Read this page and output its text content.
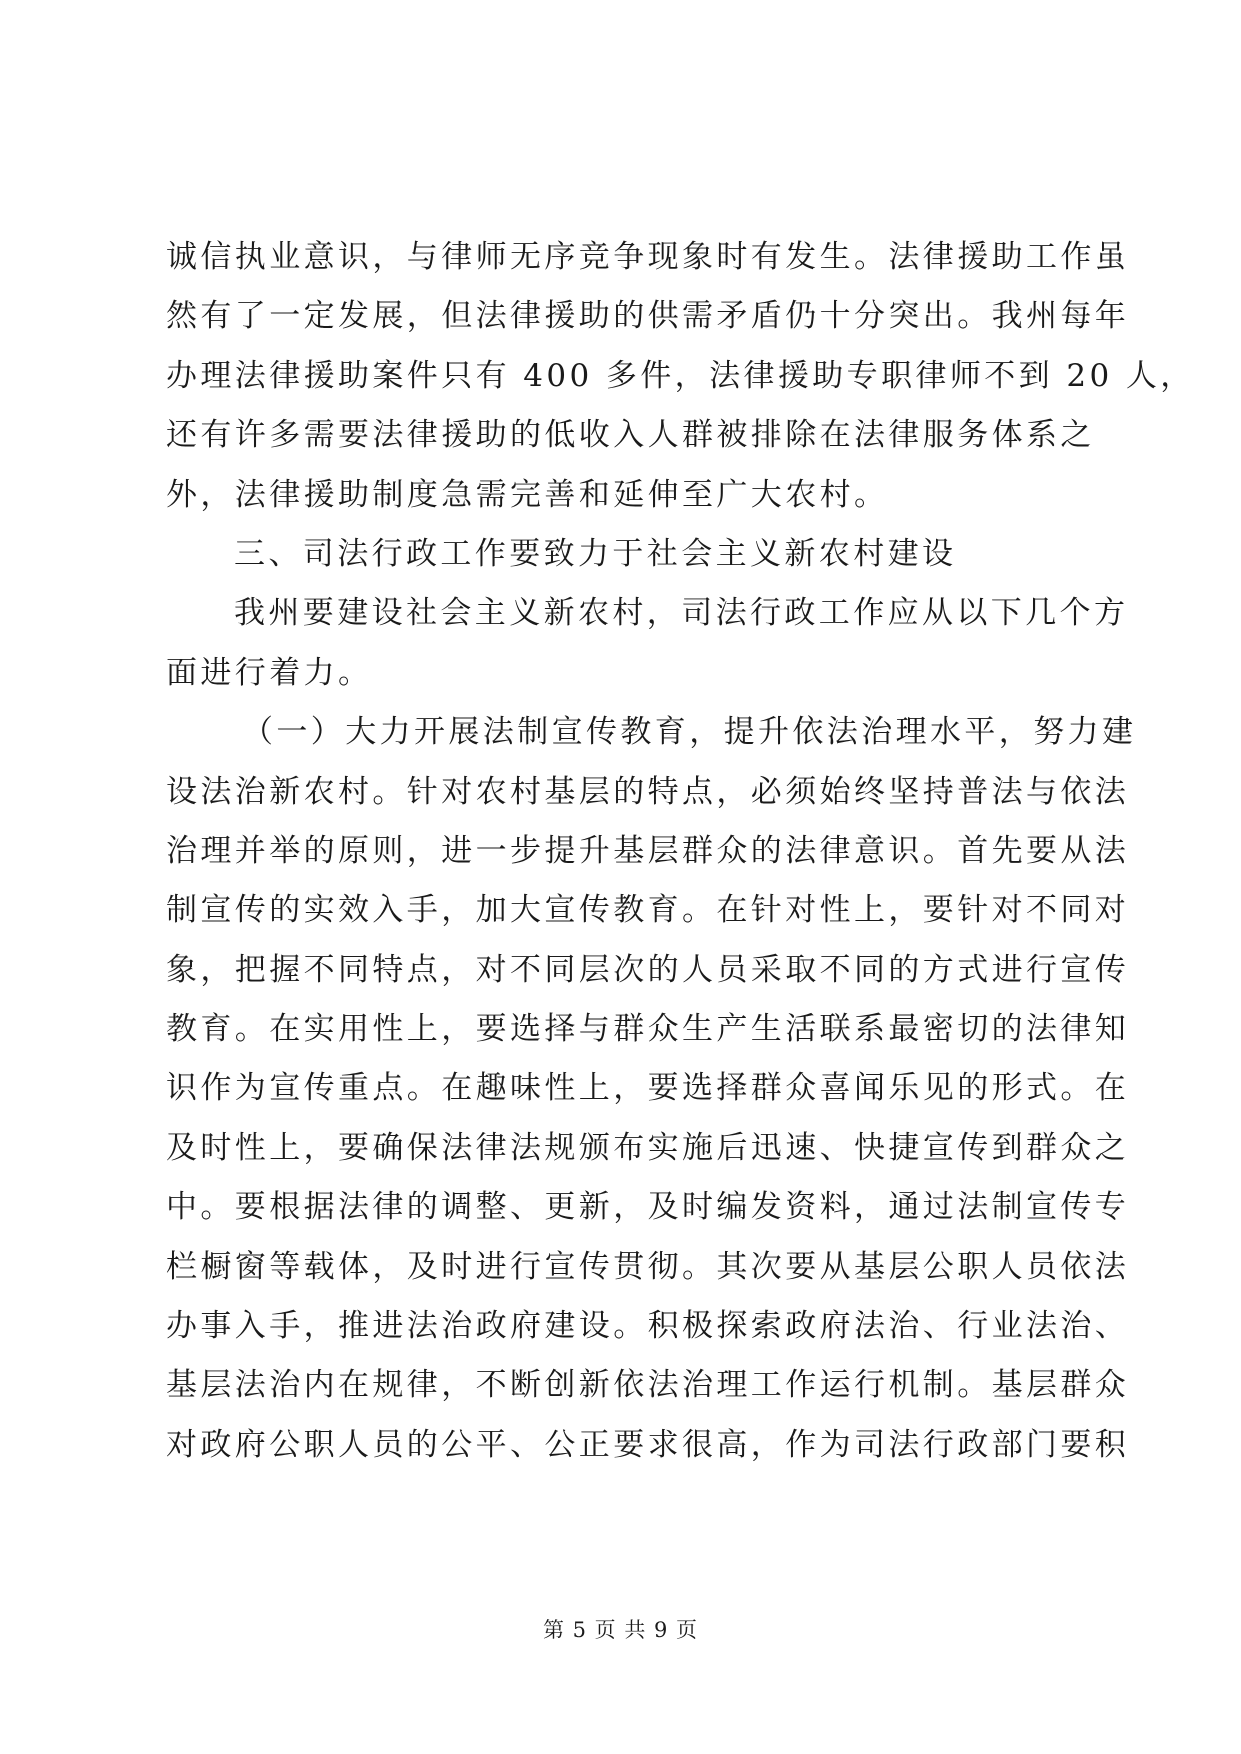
诚信执业意识，与律师无序竞争现象时有发生。法律援助工作虽
然有了一定发展，但法律援助的供需矛盾仍十分突出。我州每年
办理法律援助案件只有 400 多件，法律援助专职律师不到 20 人，
还有许多需要法律援助的低收入人群被排除在法律服务体系之
外，法律援助制度急需完善和延伸至广大农村。
三、司法行政工作要致力于社会主义新农村建设
我州要建设社会主义新农村，司法行政工作应从以下几个方
面进行着力。
（一）大力开展法制宣传教育，提升依法治理水平，努力建
设法治新农村。针对农村基层的特点，必须始终坚持普法与依法
治理并举的原则，进一步提升基层群众的法律意识。首先要从法
制宣传的实效入手，加大宣传教育。在针对性上，要针对不同对
象，把握不同特点，对不同层次的人员采取不同的方式进行宣传
教育。在实用性上，要选择与群众生产生活联系最密切的法律知
识作为宣传重点。在趣味性上，要选择群众喜闻乐见的形式。在
及时性上，要确保法律法规颁布实施后迅速、快捷宣传到群众之
中。要根据法律的调整、更新，及时编发资料，通过法制宣传专
栏橱窗等载体，及时进行宣传贯彻。其次要从基层公职人员依法
办事入手，推进法治政府建设。积极探索政府法治、行业法治、
基层法治内在规律，不断创新依法治理工作运行机制。基层群众
对政府公职人员的公平、公正要求很高，作为司法行政部门要积
第 5 页 共 9 页
